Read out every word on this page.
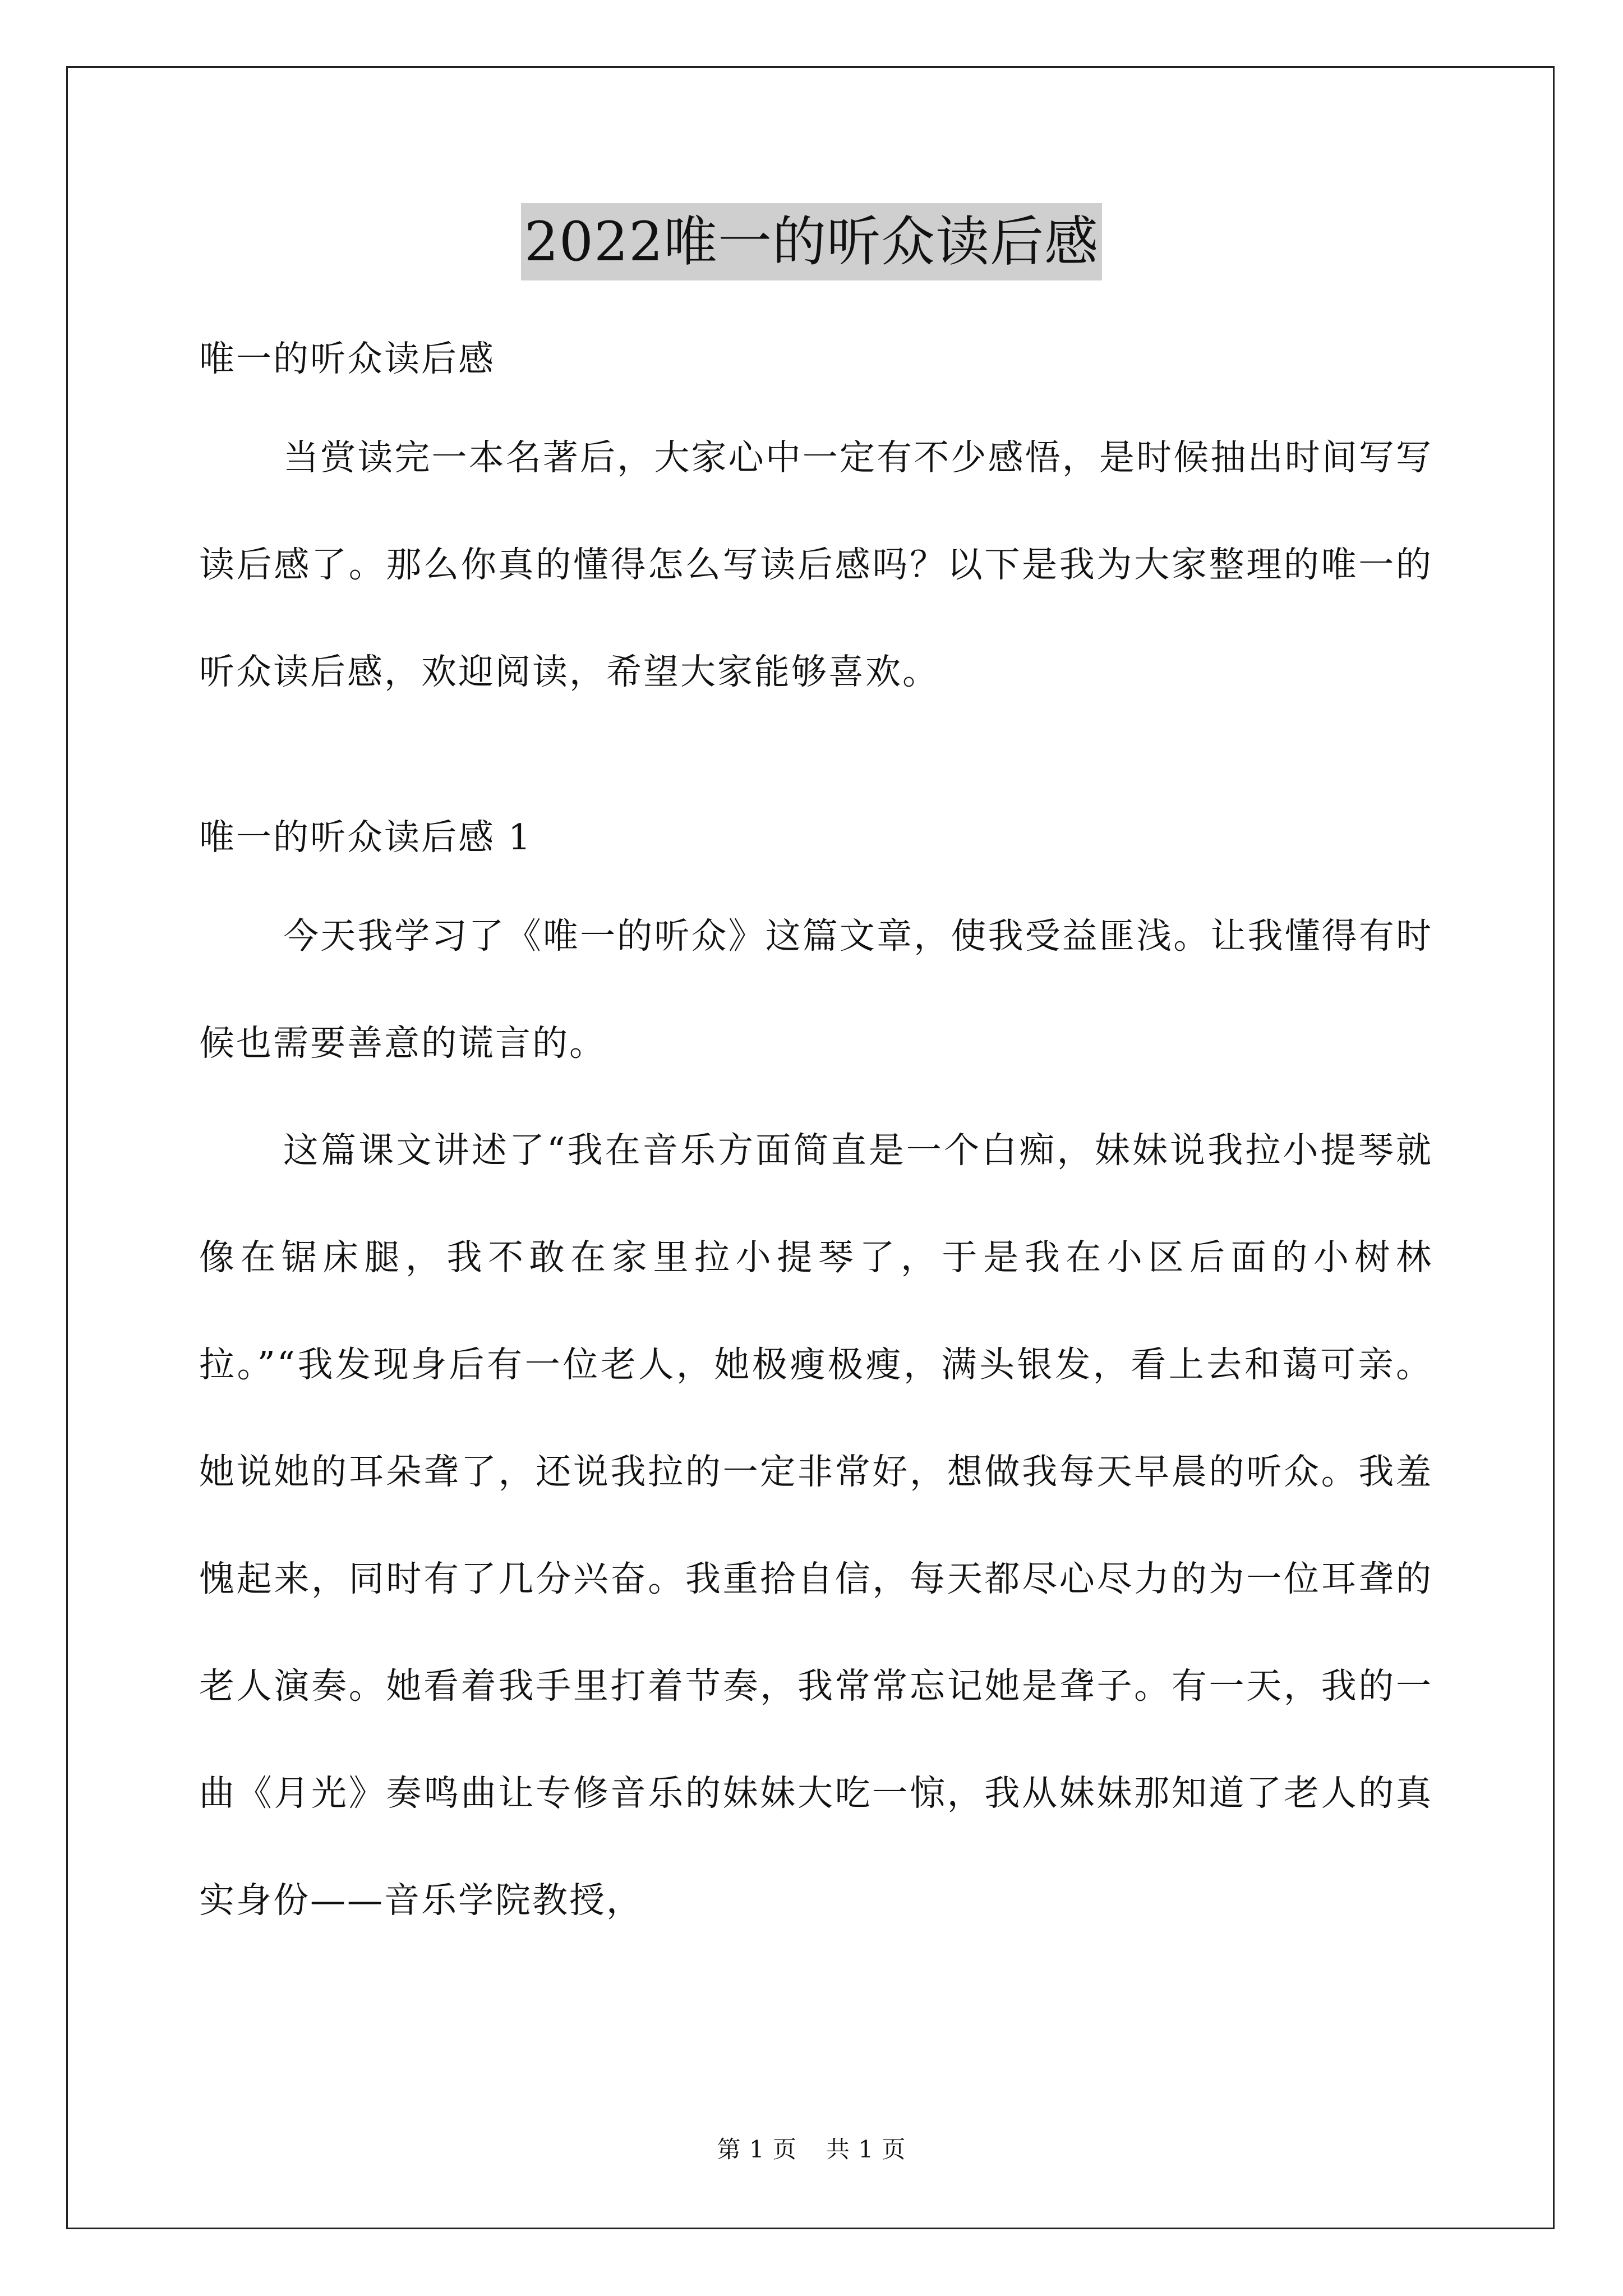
2022唯一的听众读后感

唯一的听众读后感

当赏读完一本名著后，大家心中一定有不少感悟，是时候抽出时间写写读后感了。那么你真的懂得怎么写读后感吗？以下是我为大家整理的唯一的听众读后感，欢迎阅读，希望大家能够喜欢。

唯一的听众读后感 1

今天我学习了《唯一的听众》这篇文章，使我受益匪浅。让我懂得有时候也需要善意的谎言的。

这篇课文讲述了“我在音乐方面简直是一个白痴，妹妹说我拉小提琴就像在锯床腿，我不敢在家里拉小提琴了，于是我在小区后面的小树林拉。”“我发现身后有一位老人，她极瘦极瘦，满头银发，看上去和蔼可亲。她说她的耳朵聋了，还说我拉的一定非常好，想做我每天早晨的听众。我羞愧起来，同时有了几分兴奋。我重拾自信，每天都尽心尽力的为一位耳聋的老人演奏。她看着我手里打着节奏，我常常忘记她是聋子。有一天，我的一曲《月光》奏鸣曲让专修音乐的妹妹大吃一惊，我从妹妹那知道了老人的真实身份——音乐学院教授，

第 1 页 共 1 页
